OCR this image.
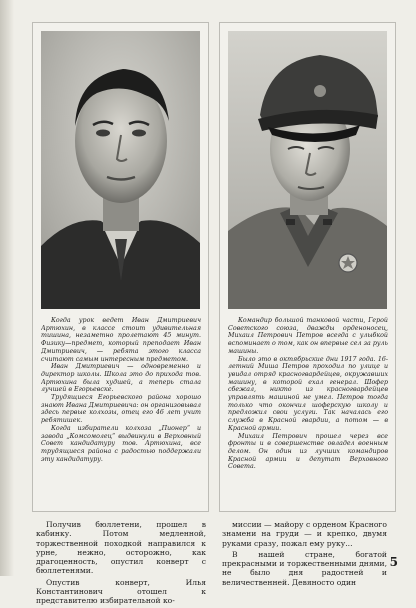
Когда урок ведет Иван Дмитриевич Артюхин, в классе стоит удивительная тишина, незаметно пролетают 45 минут. Физику—предмет, который преподает Иван Дмитриевич, — ребята этого класса считают самым интересным предметом.

Иван Дмитриевич — одновременно и директор школы. Школа это до прихода тов. Артюхина была худшей, а теперь стала лучшей в Егорьевске.

Трудящиеся Егорьевского района хорошо знают Ивана Дмитриевича: он организовывал здесь первые колхозы, отец его 46 лет учит ребятишек.

Когда избиратели колхоза „Пионер“ и завода „Комсомолец“ выдвинули в Верховный Совет кандидатуру тов. Артюхина, все трудящиеся района с радостью поддержали эту кандидатуру.

Командир большой танковой части, Герой Советского союза, дважды орденоносец, Михаил Петрович Петров всегда с улыбкой вспоминает о том, как он впервые сел за руль машины.

Было это в октябрьские дни 1917 года. 16-летний Миша Петров проходил по улице и увидал отряд красногвардейцев, окружавших машину, в которой ехал генерал. Шофер сбежал, никто из красногвардейцев управлять машиной не умел. Петров тогда только что окончил шоферскую школу и предложил свои услуги. Так началась его служба в Красной гвардии, а потом — в Красной армии.

Михаил Петрович прошел через все фронты и в совершенстве овладел военным делом. Он один из лучших командиров Красной армии и депутат Верховного Совета.

Получив бюллетени, прошел в кабинку. Потом медленной, торжественной походкой направился к урне, нежно, осторожно, как драгоценность, опустил конверт с бюллетенями.

Опустив конверт, Илья Константинович отошел к представителю избирательной ко-

миссии — майору с орденом Красного знамени на груди — и крепко, двумя руками сразу, пожал ему руку...

В нашей стране, богатой прекрасными и торжественными днями, не было дня радостней и величественней. Девяносто один

5
